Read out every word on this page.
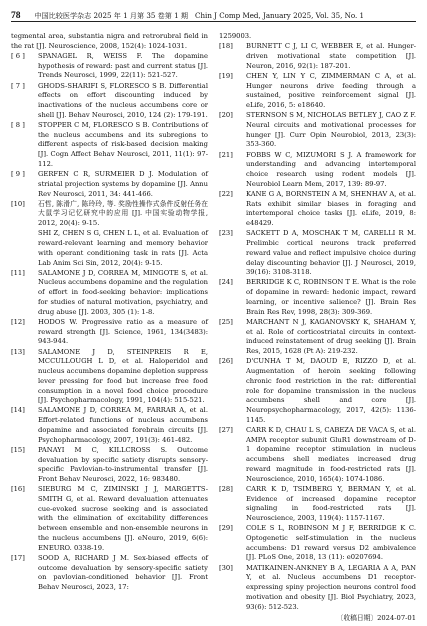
78 中国比较医学杂志 2025 年 1 月第 35 卷第 1 期　Chin J Comp Med, January 2025, Vol. 35, No. 1
tegmental area, substantia nigra and retrorubral field in the rat [J]. Neuroscience, 2008, 152(4): 1024-1031.
[ 6 ]	SPANAGEL R, WEISS F. The dopamine hypothesis of reward: past and current status [J]. Trends Neurosci, 1999, 22(11): 521-527.
[ 7 ]	GHODS-SHARIFI S, FLORESCO S B. Differential effects on effort discounting induced by inactivations of the nucleus accumbens core or shell [J]. Behav Neurosci, 2010, 124 (2): 179-191.
[ 8 ]	STOPPER C M, FLORESCO S B. Contributions of the nucleus accumbens and its subregions to different aspects of risk-based decision making [J]. Cogn Affect Behav Neurosci, 2011, 11(1): 97-112.
[ 9 ]	GERFEN C R, SURMEIER D J. Modulation of striatal projection systems by dopamine [J]. Annu Rev Neurosci, 2011, 34: 441-466.
[10]	石哲, 陈滑广, 陈玲玲, 等. 奖励性操作式条件反射任务在大鼠学习记忆研究中的应用 [J]. 中国实验动物学报, 2012, 20(4): 9-15.
SHI Z, CHEN S G, CHEN L L, et al. Evaluation of reward-relevant learning and memory behavior with operant conditioning task in rats [J]. Acta Lab Anim Sci Sin, 2012, 20(4): 9-15.
[11]	SALAMONE J D, CORREA M, MINGOTE S, et al. Nucleus accumbens dopamine and the regulation of effort in food-seeking behavior: implications for studies of natural motivation, psychiatry, and drug abuse [J]. 2003, 305 (1): 1-8.
[12]	HODOS W. Progressive ratio as a measure of reward strength [J]. Science, 1961, 134(3483): 943-944.
[13]	SALAMONE J D, STEINPREIS R E, MCCULLOUGH L D, et al. Haloperidol and nucleus accumbens dopamine depletion suppress lever pressing for food but increase free food consumption in a novel food choice procedure [J]. Psychopharmacology, 1991, 104(4): 515-521.
[14]	SALAMONE J D, CORREA M, FARRAR A, et al. Effort-related functions of nucleus accumbens dopamine and associated forebrain circuits [J]. Psychopharmacology, 2007, 191(3): 461-482.
[15]	PANAYI M C, KILLCROSS S. Outcome devaluation by specific satiety disrupts sensory-specific Pavlovian-to-instrumental transfer [J]. Front Behav Neurosci, 2022, 16: 983480.
[16]	SIEBURG M C, ZIMINSKI J J, MARGETTS-SMITH G, et al. Reward devaluation attenuates cue-evoked sucrose seeking and is associated with the elimination of excitability differences between ensemble and non-ensemble neurons in the nucleus accumbens [J]. eNeuro, 2019, 6(6): ENEURO. 0338-19.
[17]	SOOD A, RICHARD J M. Sex-biased effects of outcome devaluation by sensory-specific satiety on pavlovian-conditioned behavior [J]. Front Behav Neurosci, 2023, 17:
1259003.
[18]	BURNETT C J, LI C, WEBBER E, et al. Hunger-driven motivational state competition [J]. Neuron, 2016, 92(1): 187-201.
[19]	CHEN Y, LIN Y C, ZIMMERMAN C A, et al. Hunger neurons drive feeding through a sustained, positive reinforcement signal [J]. eLife, 2016, 5: e18640.
[20]	STERNSON S M, NICHOLAS BETLEY J, CAO Z F. Neural circuits and motivational processes for hunger [J]. Curr Opin Neurobiol, 2013, 23(3): 353-360.
[21]	FOBBS W C, MIZUMORI S J. A framework for understanding and advancing intertemporal choice research using rodent models [J]. Neurobiol Learn Mem, 2017, 139: 89-97.
[22]	KANE G A, BORNSTEIN A M, SHENHAV A, et al. Rats exhibit similar biases in foraging and intertemporal choice tasks [J]. eLife, 2019, 8: e48429.
[23]	SACKETT D A, MOSCHAK T M, CARELLI R M. Prelimbic cortical neurons track preferred reward value and reflect impulsive choice during delay discounting behavior [J]. J Neurosci, 2019, 39(16): 3108-3118.
[24]	BERRIDGE K C, ROBINSON T E. What is the role of dopamine in reward: hedonic impact, reward learning, or incentive salience? [J]. Brain Res Brain Res Rev, 1998, 28(3): 309-369.
[25]	MARCHANT N J, KAGANOVSKY K, SHAHAM Y, et al. Role of corticostriatal circuits in context-induced reinstatement of drug seeking [J]. Brain Res, 2015, 1628 (Pt A): 219-232.
[26]	D'CUNHA T M, DAOUD E, RIZZO D, et al. Augmentation of heroin seeking following chronic food restriction in the rat: differential role for dopamine transmission in the nucleus accumbens shell and core [J]. Neuropsychopharmacology, 2017, 42(5): 1136-1145.
[27]	CARR K D, CHAU L S, CABEZA DE VACA S, et al. AMPA receptor subunit GluR1 downstream of D-1 dopamine receptor stimulation in nucleus accumbens shell mediates increased drug reward magnitude in food-restricted rats [J]. Neuroscience, 2010, 165(4): 1074-1086.
[28]	CARR K D, TSIMBERG Y, BERMAN Y, et al. Evidence of increased dopamine receptor signaling in food-restricted rats [J]. Neuroscience, 2003, 119(4): 1157-1167.
[29]	COLE S L, ROBINSON M J F, BERRIDGE K C. Optogenetic self-stimulation in the nucleus accumbens: D1 reward versus D2 ambivalence [J]. PLoS One, 2018, 13 (11): e0207694.
[30]	MATIKAINEN-ANKNEY B A, LEGARIA A A, PAN Y, et al. Nucleus accumbens D1 receptor-expressing spiny projection neurons control food motivation and obesity [J]. Biol Psychiatry, 2023, 93(6): 512-523.
〔收稿日期〕2024-07-01
